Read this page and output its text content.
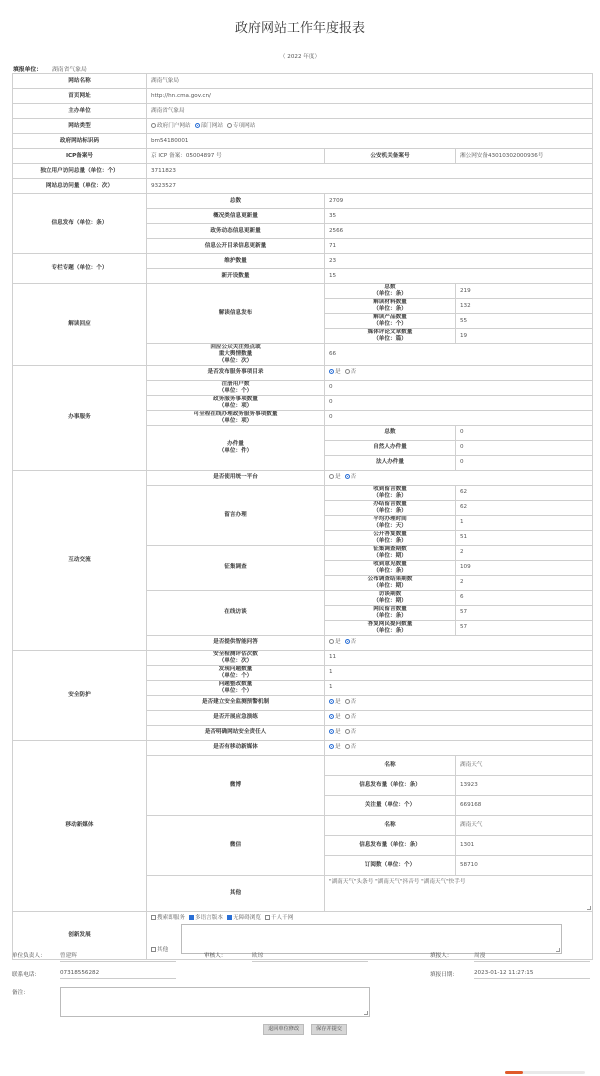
政府网站工作年度报表
（ 2022 年度）
填报单位： 湖南省气象局
网站名称	湖南气象局		
首页网址	http://hn.cma.gov.cn/		
主办单位	湖南省气象局		
网站类型	政府门户网站 部门网站 专项网站		
政府网站标识码	bm54180001		
ICP备案号	京 ICP 备案：05004897 号	公安机关备案号	湘公网安备43010302000936号
独立用户访问总量（单位：个）	3711823		
网站总访问量（单位：次）	9323527		
信息发布（单位：条）	总数	2709	
	概况类信息更新量	35	
	政务动态信息更新量	2566	
	信息公开目录信息更新量	71	
专栏专题（单位：个）	维护数量	23	
	新开设数量	15	
解读回应	解读信息发布	总数
（单位：条）	219
		解读材料数量
（单位：条）	132
		解读产品数量
（单位：个）	55
		媒体评论文章数量
（单位：篇）	19
	回应公众关注热点或
重大舆情数量
（单位：次）	66	
办事服务	是否发布服务事项目录	是 否	
	注册用户数
（单位：个）	0	
	政务服务事项数量
（单位：项）	0	
	可全程在线办理政务服务事项数量
（单位：项）	0	
	办件量
（单位：件）	总数	0
		自然人办件量	0
		法人办件量	0
互动交流	是否使用统一平台	是 否	
	留言办理	收到留言数量
（单位：条）	62
		办结留言数量
（单位：条）	62
		平均办理时间
（单位：天）	1
		公开答复数量
（单位：条）	51
	征集调查	征集调查期数
（单位：期）	2
		收到意见数量
（单位：条）	109
		公布调查结果期数
（单位：期）	2
	在线访谈	访谈期数
（单位：期）	6
		网民留言数量
（单位：条）	57
		答复网民提问数量
（单位：条）	57
	是否提供智能问答	是 否	
安全防护	安全检测评估次数
（单位：次）	11	
	发现问题数量
（单位：个）	1	
	问题整改数量
（单位：个）	1	
	是否建立安全监测预警机制	是 否	
	是否开展应急演练	是 否	
	是否明确网站安全责任人	是 否	
移动新媒体	是否有移动新媒体	是 否	
	微博	名称	湖南天气
		信息发布量（单位：条）	13923
		关注量（单位：个）	669168
	微信	名称	湖南天气
		信息发布量（单位：条）	1301
		订阅数（单位：个）	58710
	其他	"湖南天气"头条号 "湖南天气"抖音号 "湖南天气"快手号	

创新发展	搜索即服务 多语言版本 无障碍浏览 千人千网
其他		
单位负责人：	曾建辉	审核人：	欧琼	填报人：	周漫
联系电话：	07318556282	填报日期：	2023-01-12 11:27:15
备注：
退回单位修改	保存并提交
